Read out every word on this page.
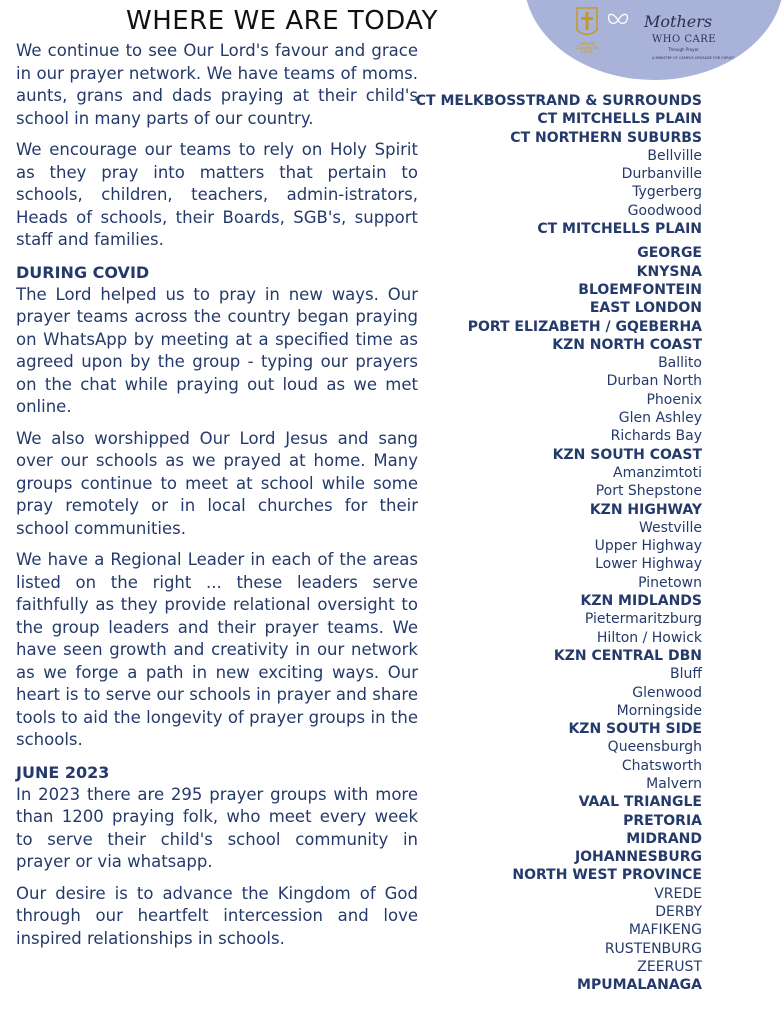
Catholic Crusade for Christ
Mothers
WHO CARE
Through Prayer
A MINISTRY OF CAMPUS CRUSADE FOR CHRIST
WHERE WE ARE TODAY

We continue to see Our Lord's favour and grace in our prayer network. We have teams of moms. aunts, grans and dads praying at their child's school in many parts of our country.

We encourage our teams to rely on Holy Spirit as they pray into matters that pertain to schools, children, teachers, admin-istrators, Heads of schools, their Boards, SGB's, support staff and families.

DURING COVID

The Lord helped us to pray in new ways. Our prayer teams across the country began praying on WhatsApp by meeting at a specified time as agreed upon by the group - typing our prayers on the chat while praying out loud as we met online.

We also worshipped Our Lord Jesus and sang over our schools as we prayed at home. Many groups continue to meet at school while some pray remotely or in local churches for their school communities.

We have a Regional Leader in each of the areas listed on the right ... these leaders serve faithfully as they provide relational oversight to the group leaders and their prayer teams. We have seen growth and creativity in our network as we forge a path in new exciting ways. Our heart is to serve our schools in prayer and share tools to aid the longevity of prayer groups in the schools.

JUNE 2023

In 2023 there are 295 prayer groups with more than 1200 praying folk, who meet every week to serve their child's school community in prayer or via whatsapp.

Our desire is to advance the Kingdom of God through our heartfelt intercession and love inspired relationships in schools.

CT MELKBOSSTRAND & SURROUNDS
CT MITCHELLS PLAIN
CT NORTHERN SUBURBS
Bellville
Durbanville
Tygerberg
Goodwood
CT MITCHELLS PLAIN
GEORGE
KNYSNA
BLOEMFONTEIN
EAST LONDON
PORT ELIZABETH / GQEBERHA
KZN NORTH COAST
Ballito
Durban North
Phoenix
Glen Ashley
Richards Bay
KZN SOUTH COAST
Amanzimtoti
Port Shepstone
KZN HIGHWAY
Westville
Upper Highway
Lower Highway
Pinetown
KZN MIDLANDS
Pietermaritzburg
Hilton / Howick
KZN CENTRAL DBN
Bluff
Glenwood
Morningside
KZN SOUTH SIDE
Queensburgh
Chatsworth
Malvern
VAAL TRIANGLE
PRETORIA
MIDRAND
JOHANNESBURG
NORTH WEST PROVINCE
VREDE
DERBY
MAFIKENG
RUSTENBURG
ZEERUST
MPUMALANAGA
